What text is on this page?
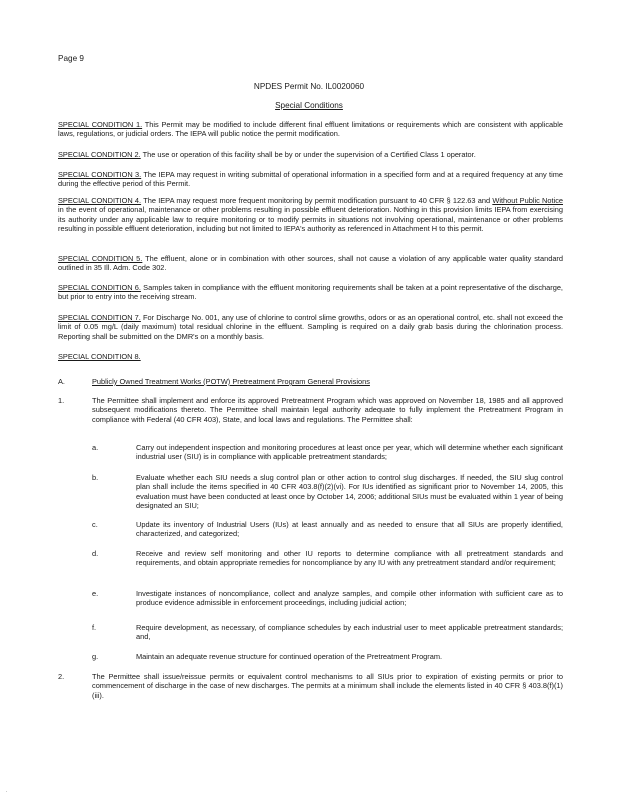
Page 9
NPDES Permit No. IL0020060
Special Conditions
SPECIAL CONDITION 1. This Permit may be modified to include different final effluent limitations or requirements which are consistent with applicable laws, regulations, or judicial orders. The IEPA will public notice the permit modification.
SPECIAL CONDITION 2. The use or operation of this facility shall be by or under the supervision of a Certified Class 1 operator.
SPECIAL CONDITION 3. The IEPA may request in writing submittal of operational information in a specified form and at a required frequency at any time during the effective period of this Permit.
SPECIAL CONDITION 4. The IEPA may request more frequent monitoring by permit modification pursuant to 40 CFR § 122.63 and Without Public Notice in the event of operational, maintenance or other problems resulting in possible effluent deterioration. Nothing in this provision limits IEPA from exercising its authority under any applicable law to require monitoring or to modify permits in situations not involving operational, maintenance or other problems resulting in possible effluent deterioration, including but not limited to IEPA's authority as referenced in Attachment H to this permit.
SPECIAL CONDITION 5. The effluent, alone or in combination with other sources, shall not cause a violation of any applicable water quality standard outlined in 35 Ill. Adm. Code 302.
SPECIAL CONDITION 6. Samples taken in compliance with the effluent monitoring requirements shall be taken at a point representative of the discharge, but prior to entry into the receiving stream.
SPECIAL CONDITION 7. For Discharge No. 001, any use of chlorine to control slime growths, odors or as an operational control, etc. shall not exceed the limit of 0.05 mg/L (daily maximum) total residual chlorine in the effluent. Sampling is required on a daily grab basis during the chlorination process. Reporting shall be submitted on the DMR's on a monthly basis.
SPECIAL CONDITION 8.
A.	Publicly Owned Treatment Works (POTW) Pretreatment Program General Provisions
1.	The Permittee shall implement and enforce its approved Pretreatment Program which was approved on November 18, 1985 and all approved subsequent modifications thereto. The Permittee shall maintain legal authority adequate to fully implement the Pretreatment Program in compliance with Federal (40 CFR 403), State, and local laws and regulations. The Permittee shall:
a.	Carry out independent inspection and monitoring procedures at least once per year, which will determine whether each significant industrial user (SIU) is in compliance with applicable pretreatment standards;
b.	Evaluate whether each SIU needs a slug control plan or other action to control slug discharges. If needed, the SIU slug control plan shall include the items specified in 40 CFR 403.8(f)(2)(vi). For IUs identified as significant prior to November 14, 2005, this evaluation must have been conducted at least once by October 14, 2006; additional SIUs must be evaluated within 1 year of being designated an SIU;
c.	Update its inventory of Industrial Users (IUs) at least annually and as needed to ensure that all SIUs are properly identified, characterized, and categorized;
d.	Receive and review self monitoring and other IU reports to determine compliance with all pretreatment standards and requirements, and obtain appropriate remedies for noncompliance by any IU with any pretreatment standard and/or requirement;
e.	Investigate instances of noncompliance, collect and analyze samples, and compile other information with sufficient care as to produce evidence admissible in enforcement proceedings, including judicial action;
f.	Require development, as necessary, of compliance schedules by each industrial user to meet applicable pretreatment standards; and,
g.	Maintain an adequate revenue structure for continued operation of the Pretreatment Program.
2.	The Permittee shall issue/reissue permits or equivalent control mechanisms to all SIUs prior to expiration of existing permits or prior to commencement of discharge in the case of new discharges. The permits at a minimum shall include the elements listed in 40 CFR § 403.8(f)(1)(iii).
.
